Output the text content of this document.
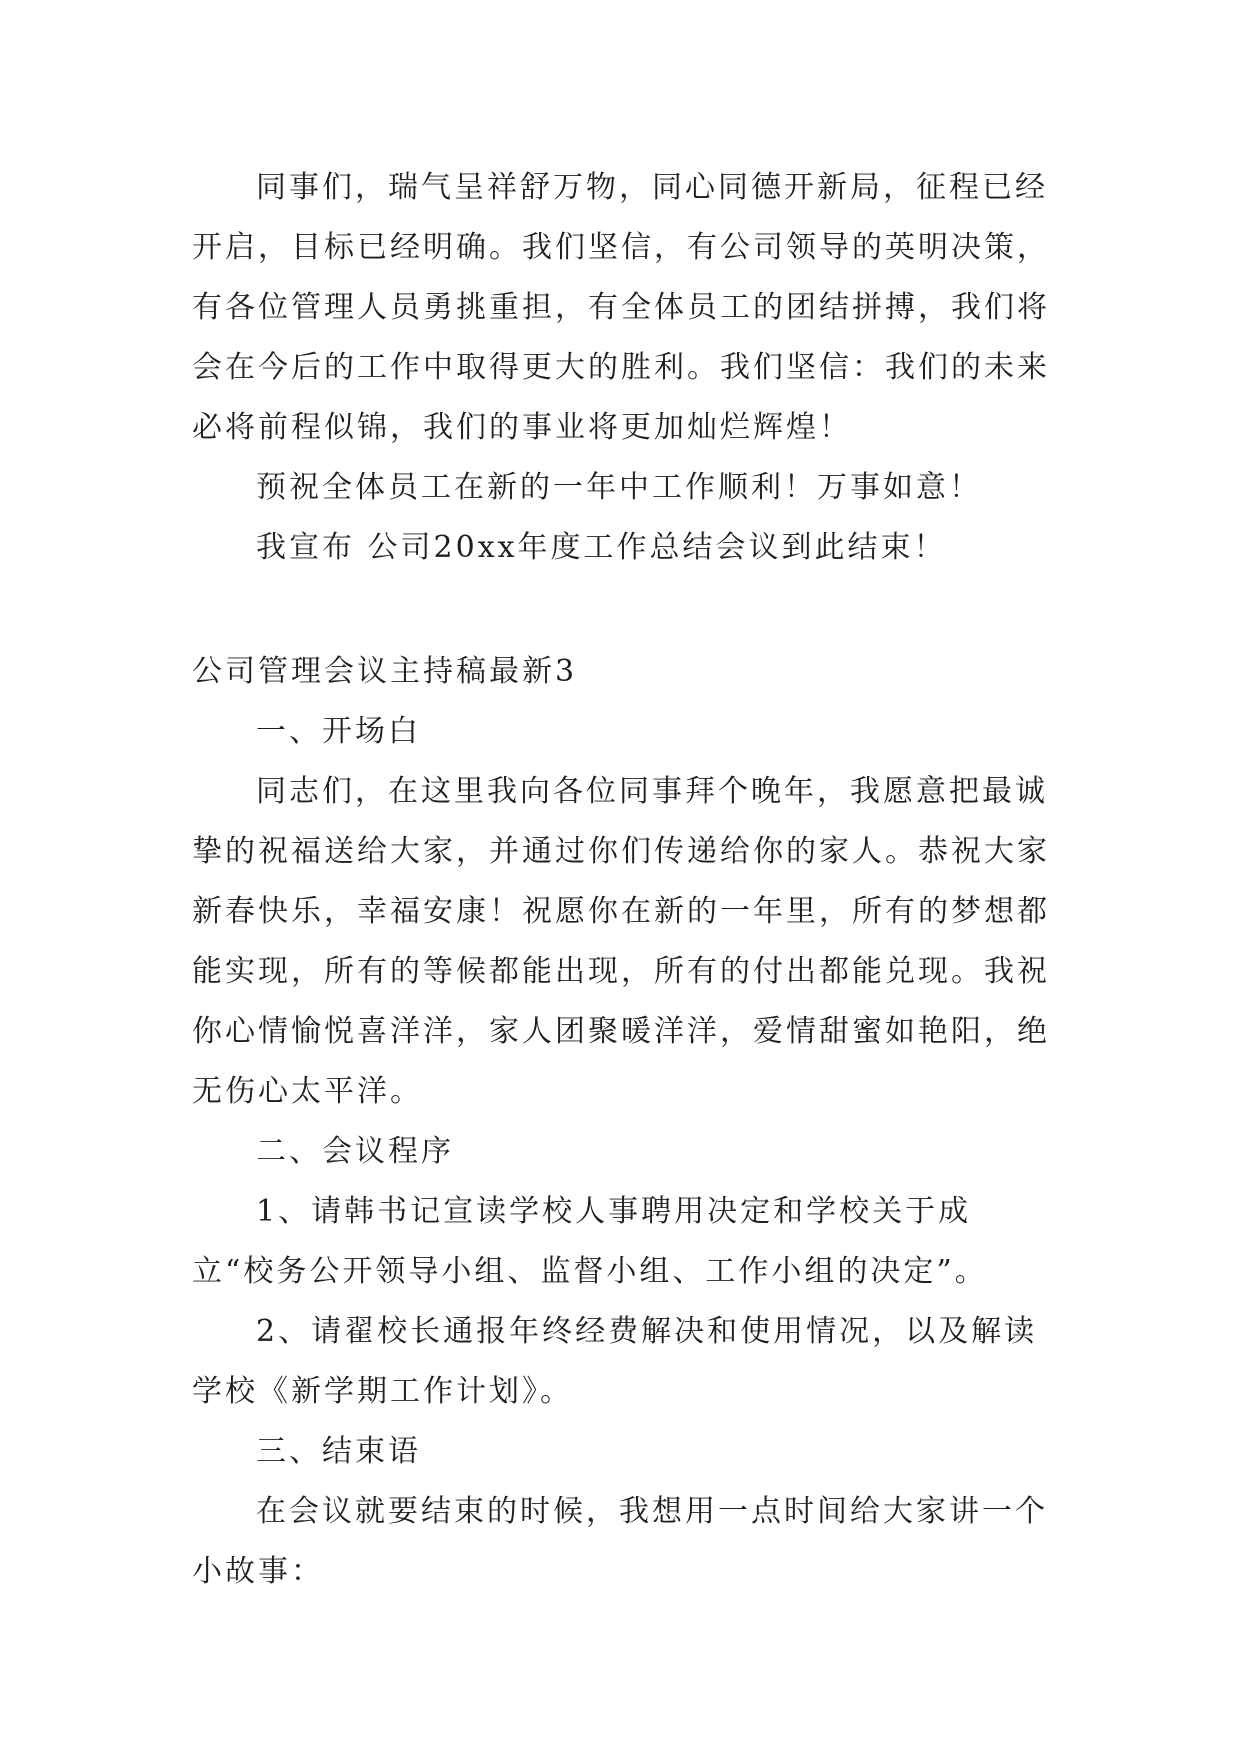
同事们，瑞气呈祥舒万物，同心同德开新局，征程已经开启，目标已经明确。我们坚信，有公司领导的英明决策，有各位管理人员勇挑重担，有全体员工的团结拼搏，我们将会在今后的工作中取得更大的胜利。我们坚信：我们的未来必将前程似锦，我们的事业将更加灿烂辉煌！

预祝全体员工在新的一年中工作顺利！万事如意！

我宣布 公司20xx年度工作总结会议到此结束！

公司管理会议主持稿最新3

一、开场白

同志们，在这里我向各位同事拜个晚年，我愿意把最诚挚的祝福送给大家，并通过你们传递给你的家人。恭祝大家新春快乐，幸福安康！祝愿你在新的一年里，所有的梦想都能实现，所有的等候都能出现，所有的付出都能兑现。我祝你心情愉悦喜洋洋，家人团聚暖洋洋，爱情甜蜜如艳阳，绝无伤心太平洋。

二、会议程序

1、请韩书记宣读学校人事聘用决定和学校关于成立“校务公开领导小组、监督小组、工作小组的决定”。

2、请翟校长通报年终经费解决和使用情况，以及解读学校《新学期工作计划》。

三、结束语

在会议就要结束的时候，我想用一点时间给大家讲一个小故事：
